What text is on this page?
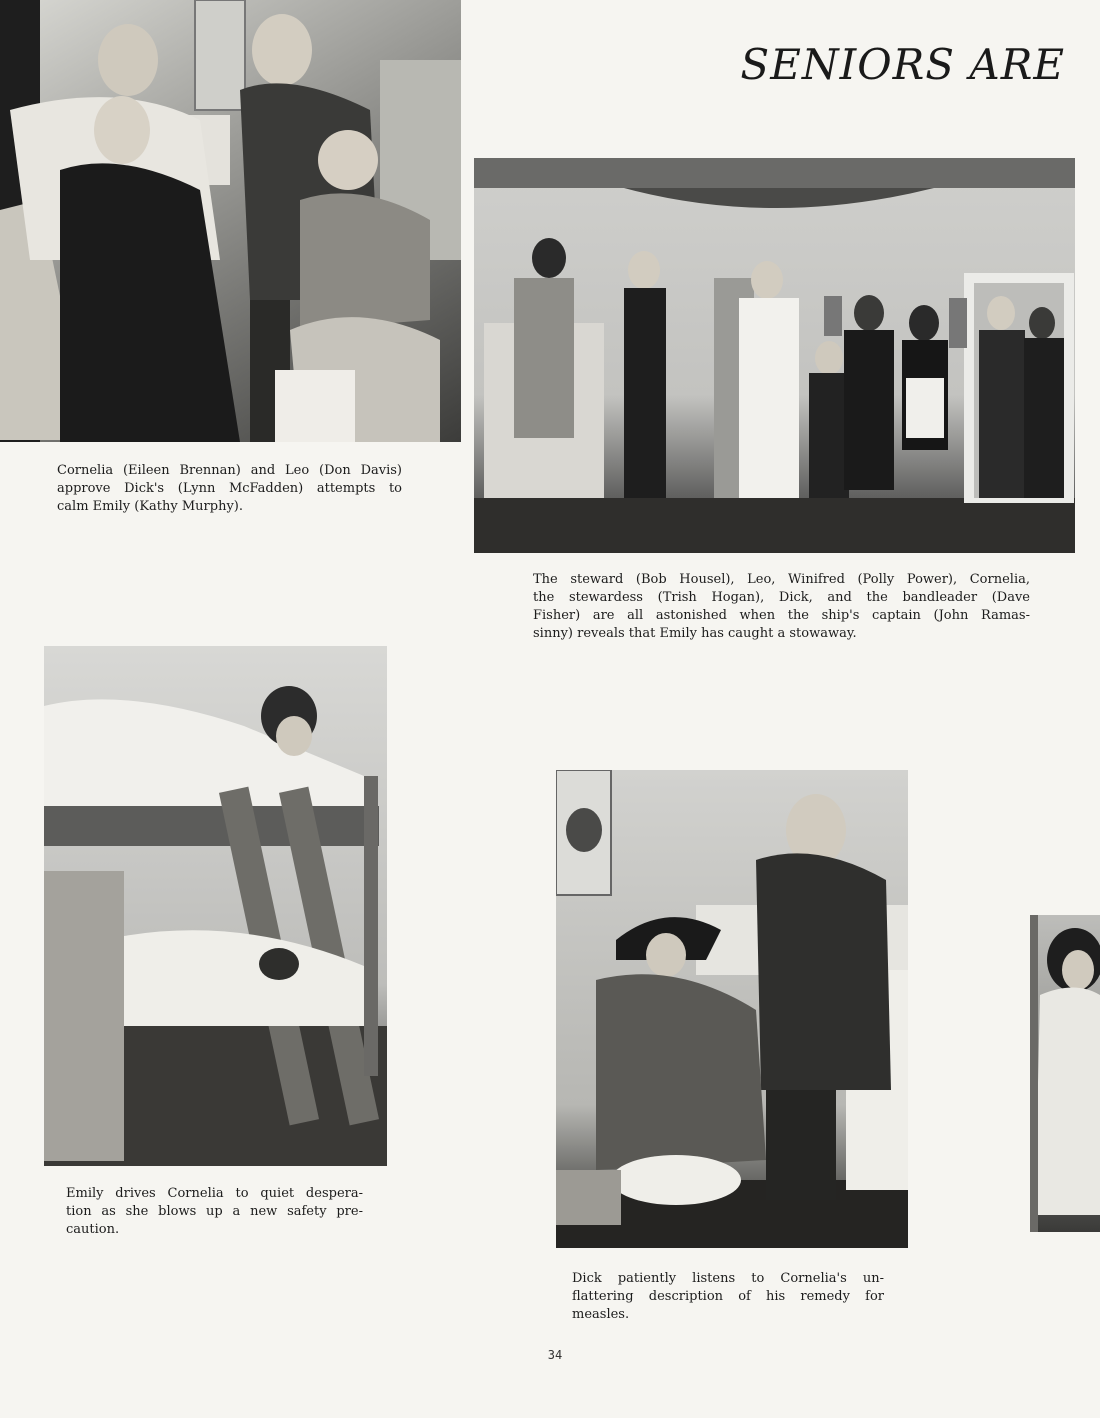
SENIORS ARE

Cornelia (Eileen Brennan) and Leo (Don Davis)
approve Dick's (Lynn McFadden) attempts to
calm Emily (Kathy Murphy).

The steward (Bob Housel), Leo, Winifred (Polly Power), Cornelia,
the stewardess (Trish Hogan), Dick, and the bandleader (Dave
Fisher) are all astonished when the ship's captain (John Ramas-
sinny) reveals that Emily has caught a stowaway.

Emily drives Cornelia to quiet despera-
tion as she blows up a new safety pre-
caution.

Dick patiently listens to Cornelia's un-
flattering description of his remedy for
measles.

34
